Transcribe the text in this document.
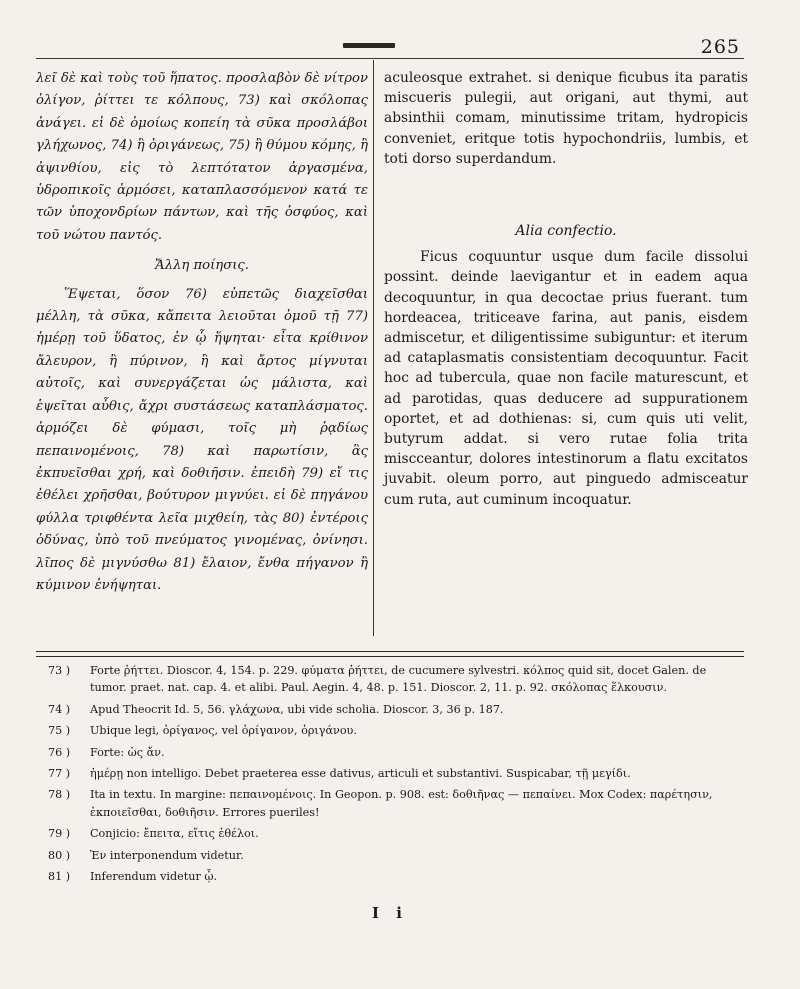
265

λεῖ δὲ καὶ τοὺς τοῦ ἥπατος. προσλαβὸν δὲ νίτρον ὀλίγον, ῥίττει τε κόλπους, 73) καὶ σκόλοπας ἀνάγει. εἰ δὲ ὁμοίως κοπείη τὰ σῦκα προσλάβοι γλήχωνος, 74) ἢ ὀριγάνεως, 75) ἢ θύμου κόμης, ἢ ἀψινθίου, εἰς τὸ λεπτότατον ἀργασμένα, ὑδροπικοῖς ἁρμόσει, καταπλασσόμενον κατά τε τῶν ὑποχονδρίων πάντων, καὶ τῆς ὀσφύος, καὶ τοῦ νώτου παντός.

Ἄλλη ποίησις.

Ἕψεται, ὅσον 76) εὐπετῶς διαχεῖσθαι μέλλη, τὰ σῦκα, κἄπειτα λειοῦται ὁμοῦ τῇ 77) ἡμέρῃ τοῦ ὕδατος, ἐν ᾧ ἥψηται· εἶτα κρίθινον ἄλευρον, ἢ πύρινον, ἢ καὶ ἄρτος μίγνυται αὐτοῖς, καὶ συνεργάζεται ὡς μάλιστα, καὶ ἑψεῖται αὖθις, ἄχρι συστάσεως καταπλάσματος. ἁρμόζει δὲ φύμασι, τοῖς μὴ ῥᾳδίως πεπαινομένοις, 78) καὶ παρωτίσιν, ἃς ἐκπυεῖσθαι χρή, καὶ δοθιῆσιν. ἐπειδὴ 79) εἴ τις ἐθέλει χρῆσθαι, βούτυρον μιγνύει. εἰ δὲ πηγάνου φύλλα τριφθέντα λεῖα μιχθείη, τὰς 80) ἐντέροις ὀδύνας, ὑπὸ τοῦ πνεύματος γινομένας, ὀνίνησι. λῖπος δὲ μιγνύσθω 81) ἔλαιον, ἔνθα πήγανον ἢ κύμινον ἐνήψηται.

aculeosque extrahet. si denique ficubus ita paratis miscueris pulegii, aut origani, aut thymi, aut absinthii comam, minutissime tritam, hydropicis conveniet, eritque totis hypochondriis, lumbis, et toti dorso superdandum.

Alia confectio.

Ficus coquuntur usque dum facile dissolui possint. deinde laevigantur et in eadem aqua decoquuntur, in qua decoctae prius fuerant. tum hordeacea, triticeave farina, aut panis, eisdem admiscetur, et diligentissime subiguntur: et iterum ad cataplasmatis consistentiam decoquuntur. Facit hoc ad tubercula, quae non facile maturescunt, et ad parotidas, quas deducere ad suppurationem oportet, et ad dothienas: si, cum quis uti velit, butyrum addat. si vero rutae folia trita miscceantur, dolores intestinorum a flatu excitatos juvabit. oleum porro, aut pinguedo admisceatur cum ruta, aut cuminum incoquatur.

73 )	Forte ῥήττει. Dioscor. 4, 154. p. 229. φύματα ῥήττει, de cucumere sylvestri. κόλπος quid sit, docet Galen. de tumor. praet. nat. cap. 4. et alibi. Paul. Aegin. 4, 48. p. 151. Dioscor. 2, 11. p. 92. σκόλοπας ἕλκουσιν.
74 )	Apud Theocrit Id. 5, 56. γλάχωνα, ubi vide scholia. Dioscor. 3, 36 p. 187.
75 )	Ubique legi, ὀρίγανος, vel ὀρίγανον, ὀριγάνου.
76 )	Forte: ὡς ἄν.
77 )	ἡμέρῃ non intelligo. Debet praeterea esse dativus, articuli et substantivi. Suspicabar, τῇ μεγίδι.
78 )	Ita in textu. In margine: πεπαινομένοις. In Geopon. p. 908. est: δοθιῆνας — πεπαίνει. Mox Codex: παρέτησιν, ἐκποιεῖσθαι, δοθιῆσιν. Errores pueriles!
79 )	Conjicio: ἔπειτα, εἴτις ἐθέλοι.
80 )	Ἐν interponendum videtur.
81 )	Inferendum videtur ᾧ.
I i
